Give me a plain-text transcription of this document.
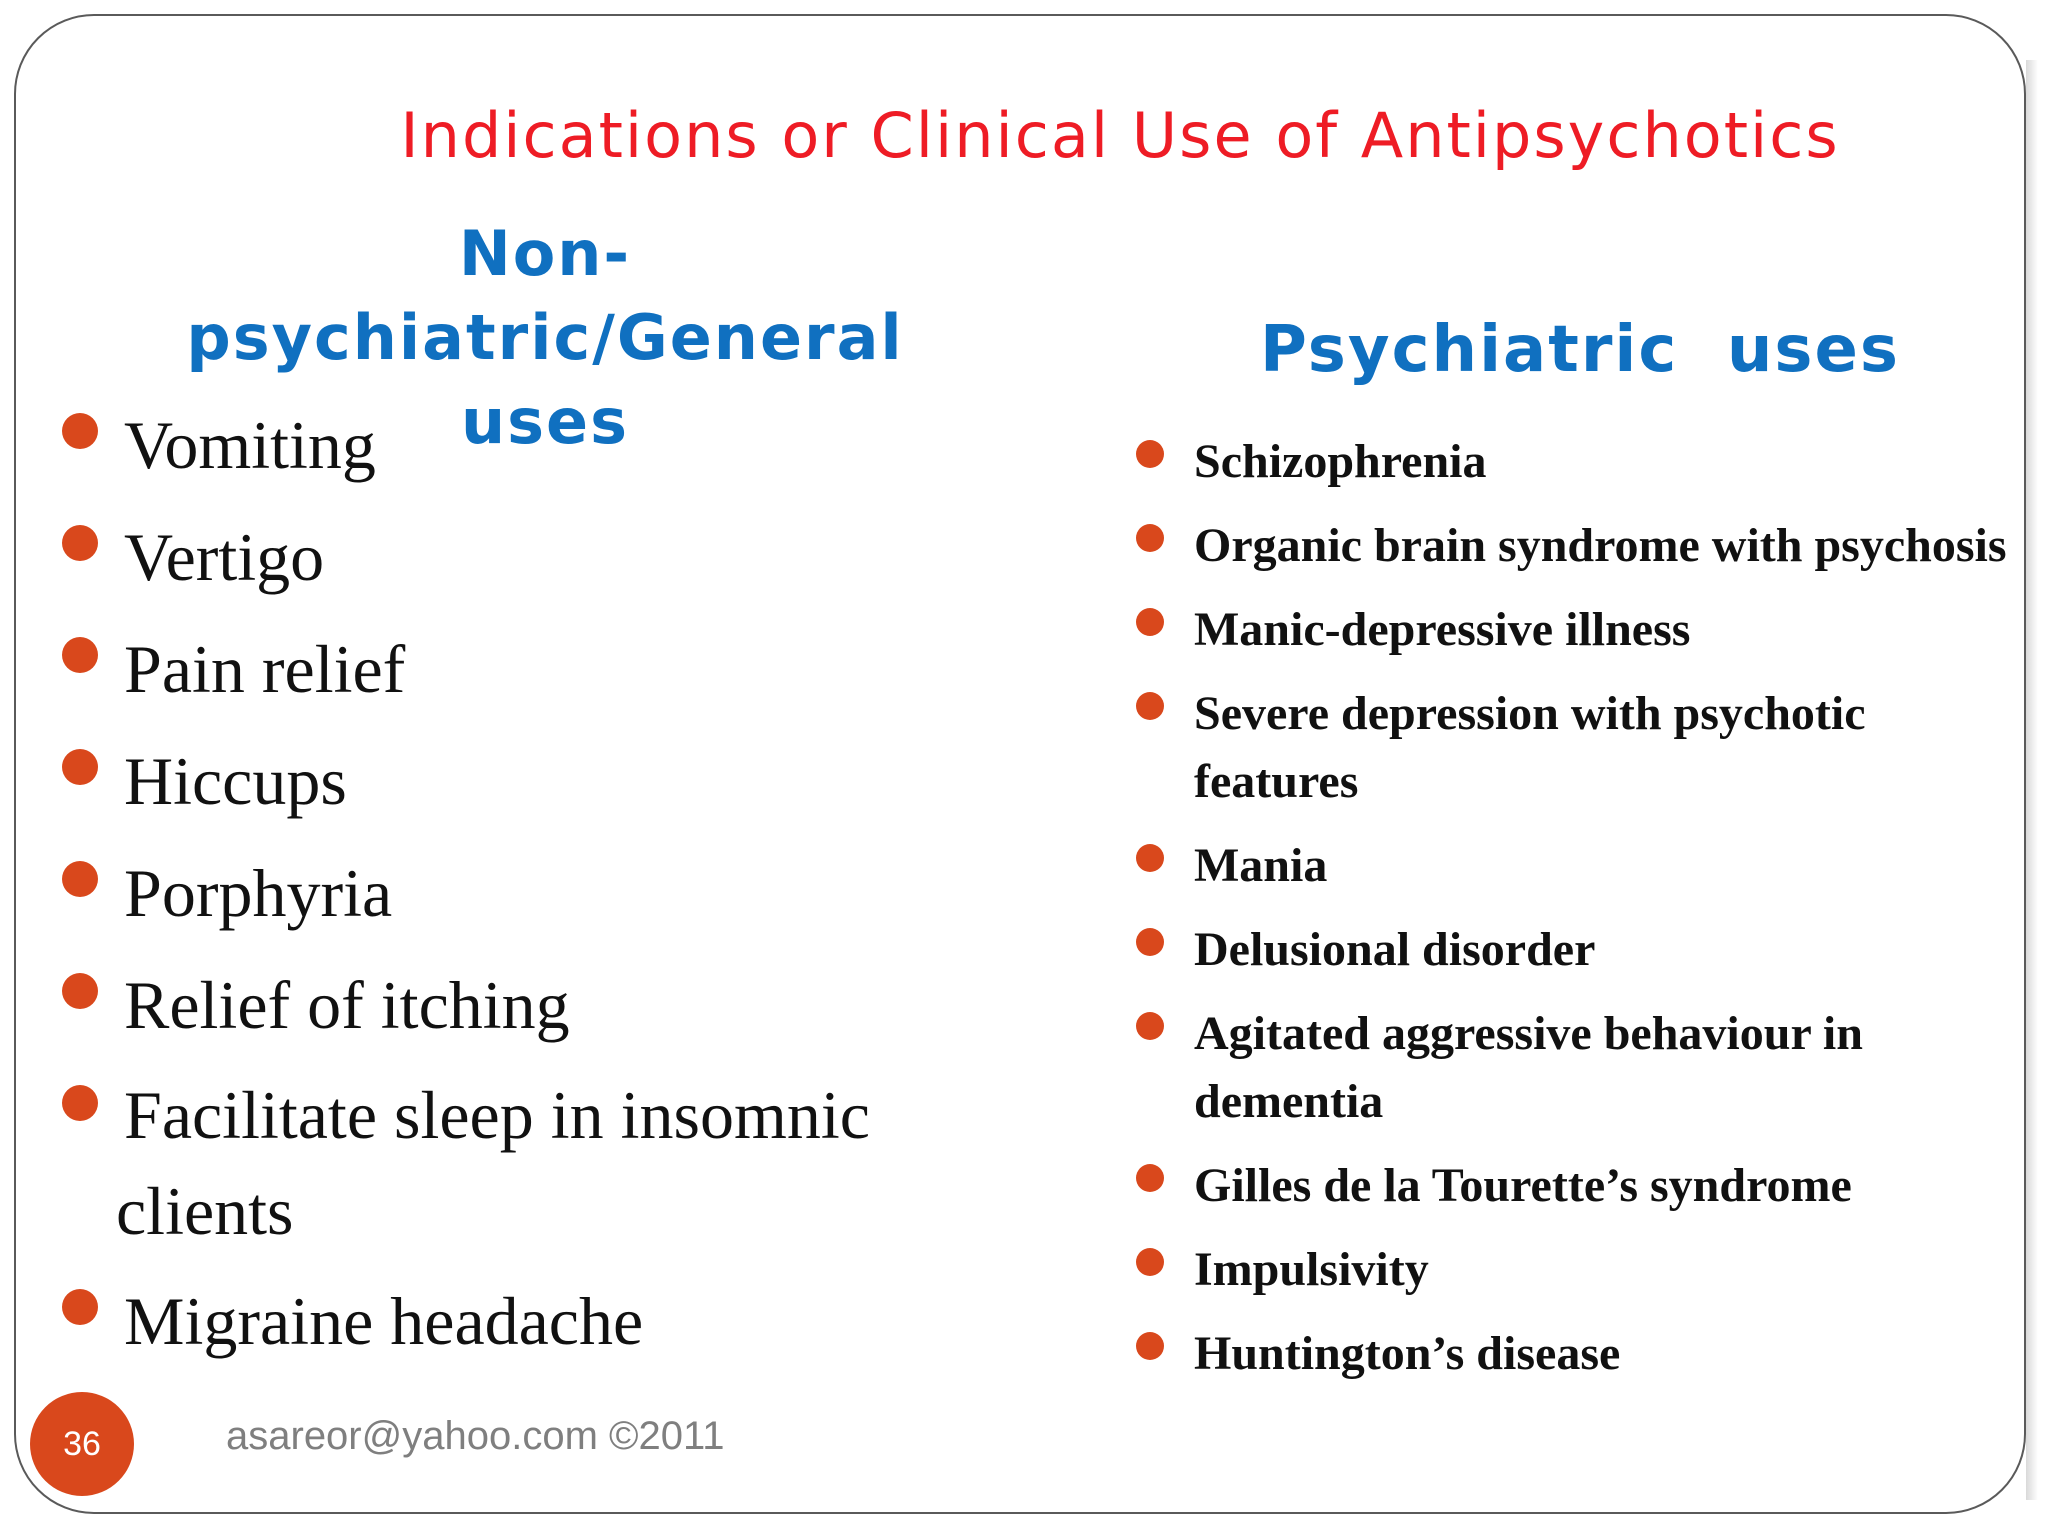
Indications or Clinical Use of Antipsychotics
Non-psychiatric/General
uses
Psychiatric  uses
Vomiting
Vertigo
Pain relief
Hiccups
Porphyria
Relief of itching
Facilitate sleep in insomnic
clients
Migraine headache
Schizophrenia
Organic brain syndrome with psychosis
Manic-depressive illness
Severe depression with psychotic features
Mania
Delusional disorder
Agitated aggressive behaviour in dementia
Gilles de la Tourette’s syndrome
Impulsivity
Huntington’s disease
36	asareor@yahoo.com ©2011
